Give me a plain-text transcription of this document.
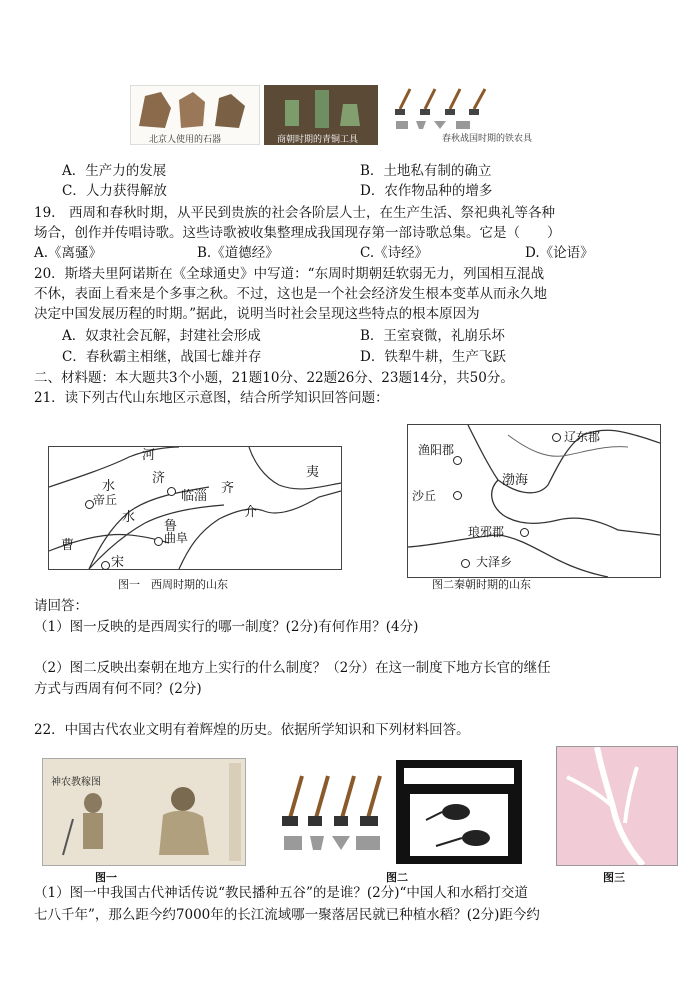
北京人使用的石器	商朝时期的青铜工具	春秋战国时期的铁农具
A．生产力的发展	B．土地私有制的确立
C．人力获得解放	D．农作物品种的增多
19.　西周和春秋时期，从平民到贵族的社会各阶层人士，在生产生活、祭祀典礼等各种
场合，创作并传唱诗歌。这些诗歌被收集整理成我国现存第一部诗歌总集。它是（　　）
A.《离骚》	B.《道德经》	C.《诗经》	D.《论语》
20．斯塔夫里阿诺斯在《全球通史》中写道：“东周时期朝廷软弱无力，列国相互混战
不休，表面上看来是个多事之秋。不过，这也是一个社会经济发生根本变革从而永久地
决定中国发展历程的时期。”据此，说明当时社会呈现这些特点的根本原因为
A．奴隶社会瓦解，封建社会形成	B．王室衰微，礼崩乐坏
C．春秋霸主相继，战国七雄并存	D．铁犁牛耕，生产飞跃
二、材料题：本大题共3个小题，21题10分、22题26分、23题14分，共50分。
21．读下列古代山东地区示意图，结合所学知识回答问题：
河
济
临淄
齐
夷
水
帝丘
介
水
鲁
曹	曲阜
宋
图一　西周时期的山东
渔阳郡
辽东郡
渤海
沙丘
琅邪郡
大泽乡
图二秦朝时期的山东
请回答：
（1）图一反映的是西周实行的哪一制度？(2分)有何作用？(4分)
（2）图二反映出秦朝在地方上实行的什么制度？（2分）在这一制度下地方长官的继任
方式与西周有何不同？(2分)
22．中国古代农业文明有着辉煌的历史。依据所学知识和下列材料回答。
神农教稼图
图一	图二	图三
（1）图一中我国古代神话传说“教民播种五谷”的是谁？(2分)“中国人和水稻打交道
七八千年”，那么距今约7000年的长江流域哪一聚落居民就已种植水稻？(2分)距今约
